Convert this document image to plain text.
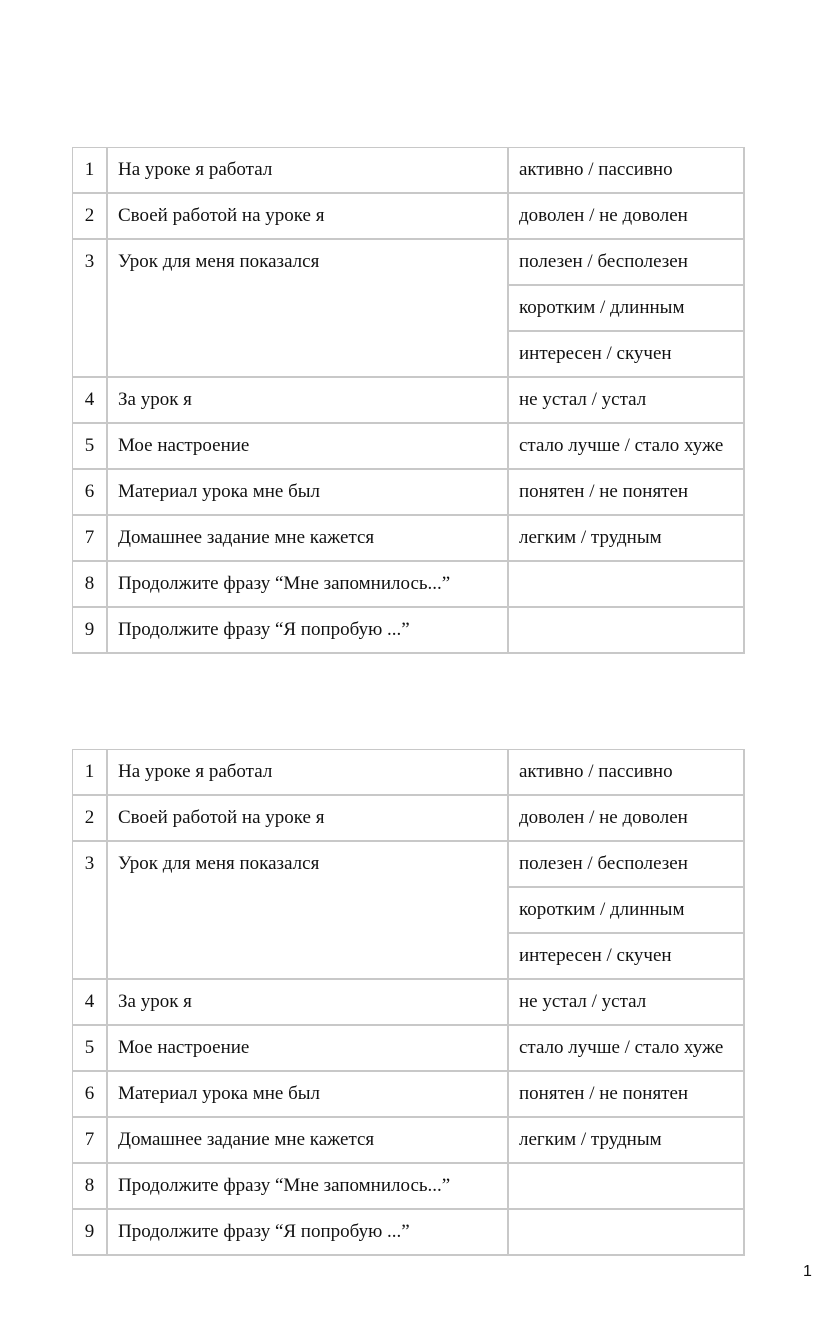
1	На уроке я работал	активно / пассивно
2	Своей работой на уроке я	доволен / не доволен
3	Урок для меня показался	полезен / бесполезен
		коротким / длинным
		интересен / скучен
4	За урок я	не устал / устал
5	Мое настроение	стало лучше / стало хуже
6	Материал урока мне был	понятен / не понятен
7	Домашнее задание мне кажется	легким / трудным
8	Продолжите фразу “Мне запомнилось...”	
9	Продолжите фразу “Я попробую ...”	
1	На уроке я работал	активно / пассивно
2	Своей работой на уроке я	доволен / не доволен
3	Урок для меня показался	полезен / бесполезен
		коротким / длинным
		интересен / скучен
4	За урок я	не устал / устал
5	Мое настроение	стало лучше / стало хуже
6	Материал урока мне был	понятен / не понятен
7	Домашнее задание мне кажется	легким / трудным
8	Продолжите фразу “Мне запомнилось...”	
9	Продолжите фразу “Я попробую ...”	
1
